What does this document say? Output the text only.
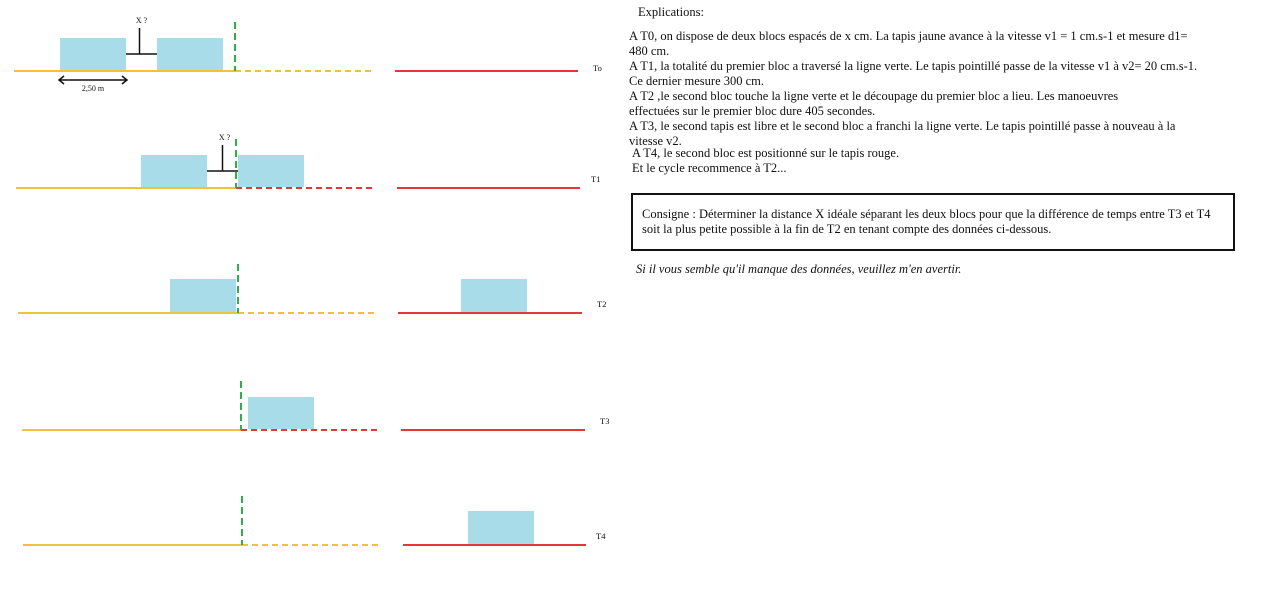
X ?
2,50 m
To
X ?
T1
T2
T3
T4

Explications:

A T0, on dispose de deux blocs espacés de x cm. La tapis jaune avance à la vitesse v1 = 1 cm.s-1 et mesure d1= 480 cm.

A T1, la totalité du premier bloc a traversé la ligne verte. Le tapis pointillé passe de la vitesse v1 à v2= 20 cm.s-1. Ce dernier mesure 300 cm.

A T2 ,le second bloc touche la ligne verte et le découpage du premier bloc a lieu. Les manoeuvres effectuées sur le premier bloc dure 405 secondes.

A T3, le second tapis est libre et le second bloc a franchi la ligne verte. Le tapis pointillé passe à nouveau à la vitesse v2.

A T4, le second bloc est positionné sur le tapis rouge.

Et le cycle recommence à T2...

Consigne : Déterminer la distance X idéale séparant les deux blocs pour que la différence de temps entre T3 et T4 soit la plus petite possible à la fin de T2 en tenant compte des données ci-dessous.
Si il vous semble qu'il manque des données, veuillez m'en avertir.
